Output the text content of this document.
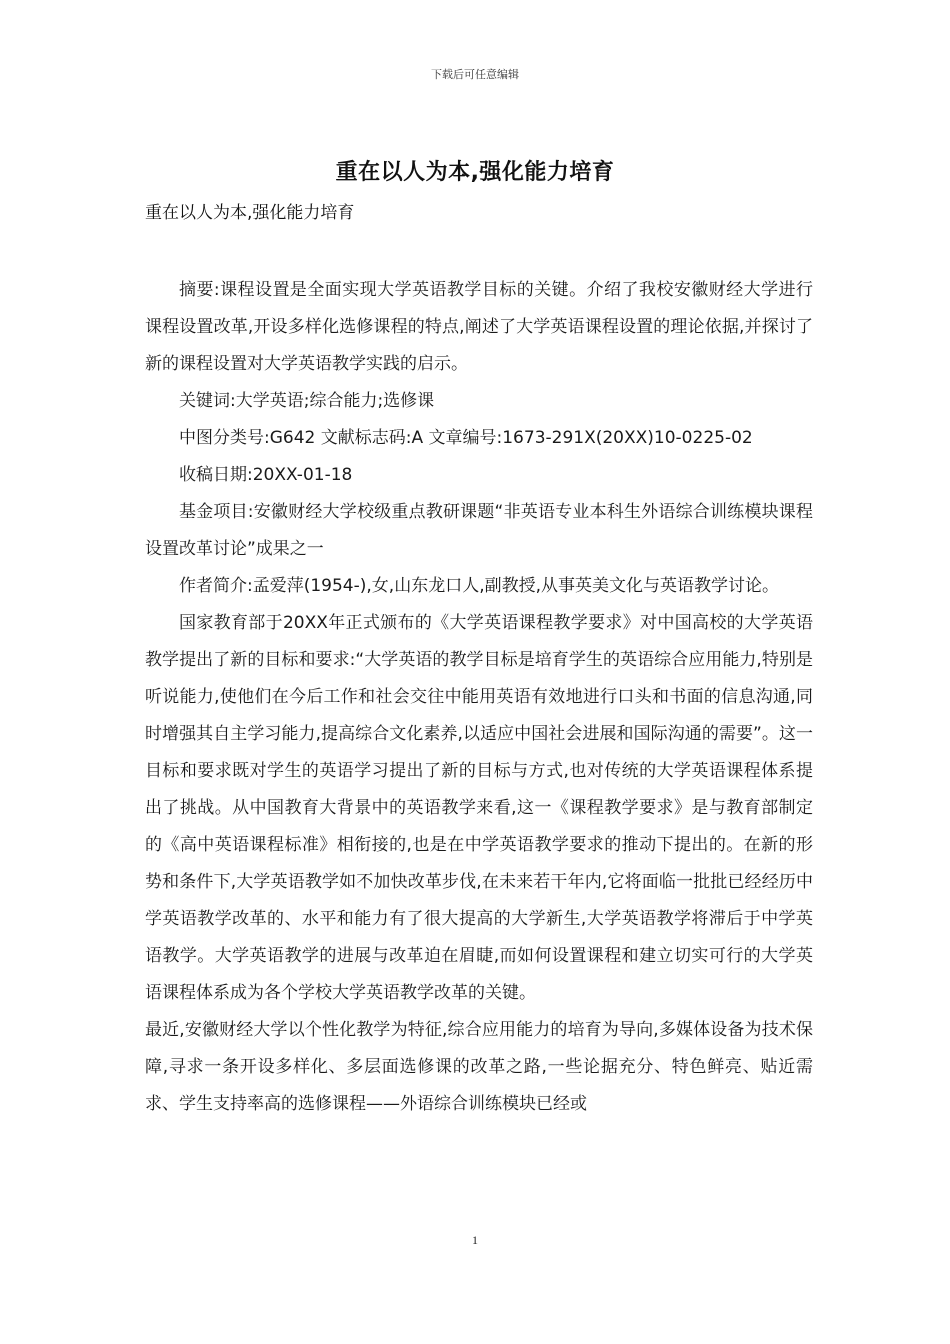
下载后可任意编辑
重在以人为本,强化能力培育
重在以人为本,强化能力培育

摘要:课程设置是全面实现大学英语教学目标的关键。介绍了我校安徽财经大学进行课程设置改革,开设多样化选修课程的特点,阐述了大学英语课程设置的理论依据,并探讨了新的课程设置对大学英语教学实践的启示。

关键词:大学英语;综合能力;选修课

中图分类号:G642 文献标志码:A 文章编号:1673-291X(20XX)10-0225-02

收稿日期:20XX-01-18

基金项目:安徽财经大学校级重点教研课题“非英语专业本科生外语综合训练模块课程设置改革讨论”成果之一

作者简介:孟爱萍(1954-),女,山东龙口人,副教授,从事英美文化与英语教学讨论。

国家教育部于20XX年正式颁布的《大学英语课程教学要求》对中国高校的大学英语教学提出了新的目标和要求:“大学英语的教学目标是培育学生的英语综合应用能力,特别是听说能力,使他们在今后工作和社会交往中能用英语有效地进行口头和书面的信息沟通,同时增强其自主学习能力,提高综合文化素养,以适应中国社会进展和国际沟通的需要”。这一目标和要求既对学生的英语学习提出了新的目标与方式,也对传统的大学英语课程体系提出了挑战。从中国教育大背景中的英语教学来看,这一《课程教学要求》是与教育部制定的《高中英语课程标准》相衔接的,也是在中学英语教学要求的推动下提出的。在新的形势和条件下,大学英语教学如不加快改革步伐,在未来若干年内,它将面临一批批已经经历中学英语教学改革的、水平和能力有了很大提高的大学新生,大学英语教学将滞后于中学英语教学。大学英语教学的进展与改革迫在眉睫,而如何设置课程和建立切实可行的大学英语课程体系成为各个学校大学英语教学改革的关键。

最近,安徽财经大学以个性化教学为特征,综合应用能力的培育为导向,多媒体设备为技术保障,寻求一条开设多样化、多层面选修课的改革之路,一些论据充分、特色鲜亮、贴近需求、学生支持率高的选修课程——外语综合训练模块已经或

1
